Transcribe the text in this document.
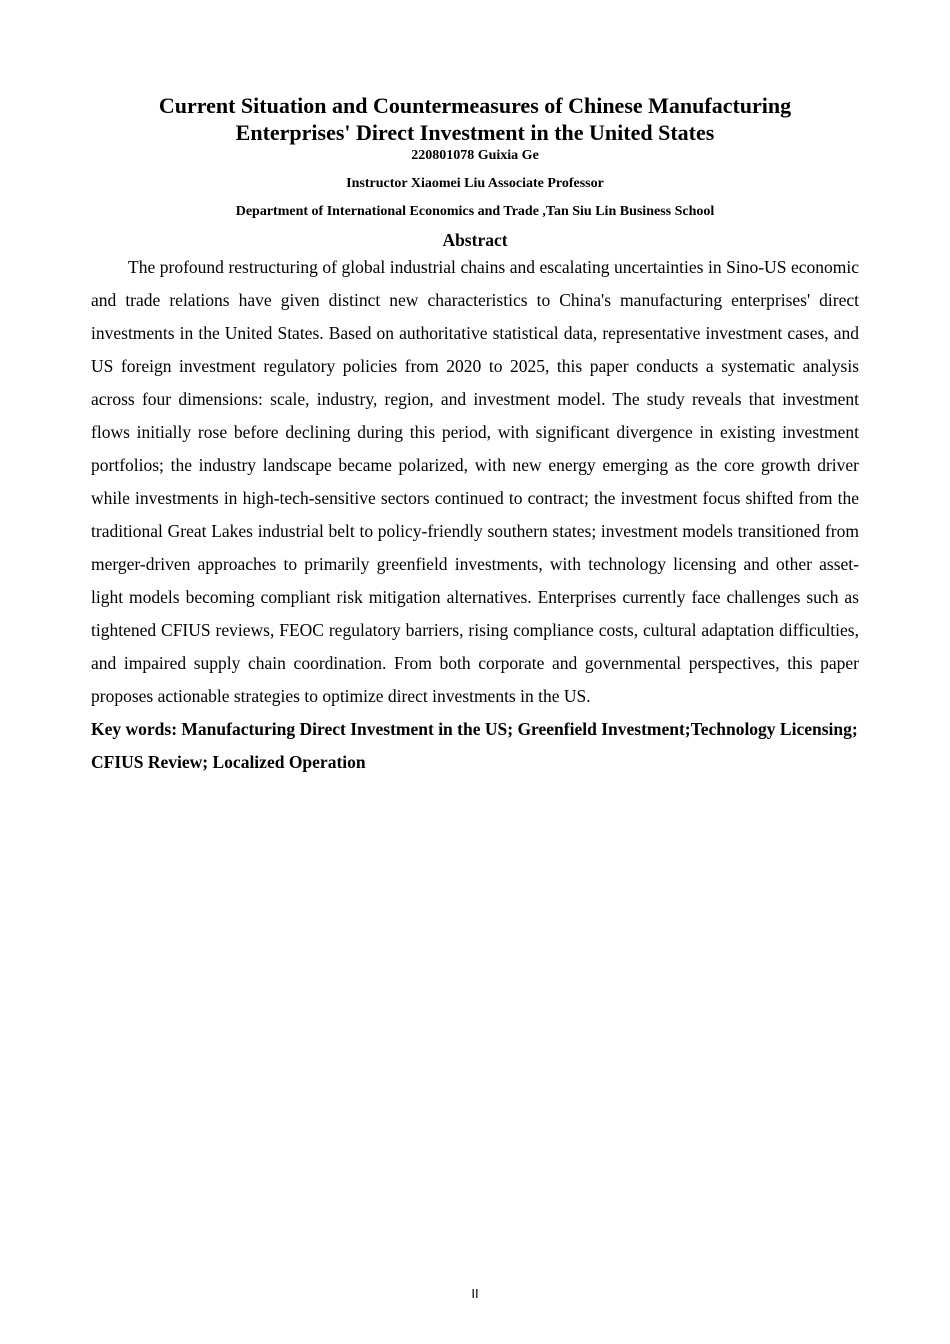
Current Situation and Countermeasures of Chinese Manufacturing
Enterprises' Direct Investment in the United States

220801078 Guixia Ge

Instructor Xiaomei Liu Associate Professor

Department of International Economics and Trade ,Tan Siu Lin Business School

Abstract

The profound restructuring of global industrial chains and escalating uncertainties in Sino-US economic and trade relations have given distinct new characteristics to China's manufacturing enterprises' direct investments in the United States. Based on authoritative statistical data, representative investment cases, and US foreign investment regulatory policies from 2020 to 2025, this paper conducts a systematic analysis across four dimensions: scale, industry, region, and investment model. The study reveals that investment flows initially rose before declining during this period, with significant divergence in existing investment portfolios; the industry landscape became polarized, with new energy emerging as the core growth driver while investments in high-tech-sensitive sectors continued to contract; the investment focus shifted from the traditional Great Lakes industrial belt to policy-friendly southern states; investment models transitioned from merger-driven approaches to primarily greenfield investments, with technology licensing and other asset-light models becoming compliant risk mitigation alternatives. Enterprises currently face challenges such as tightened CFIUS reviews, FEOC regulatory barriers, rising compliance costs, cultural adaptation difficulties, and impaired supply chain coordination. From both corporate and governmental perspectives, this paper proposes actionable strategies to optimize direct investments in the US.

Key words: Manufacturing Direct Investment in the US; Greenfield Investment;Technology Licensing; CFIUS Review; Localized Operation

II
